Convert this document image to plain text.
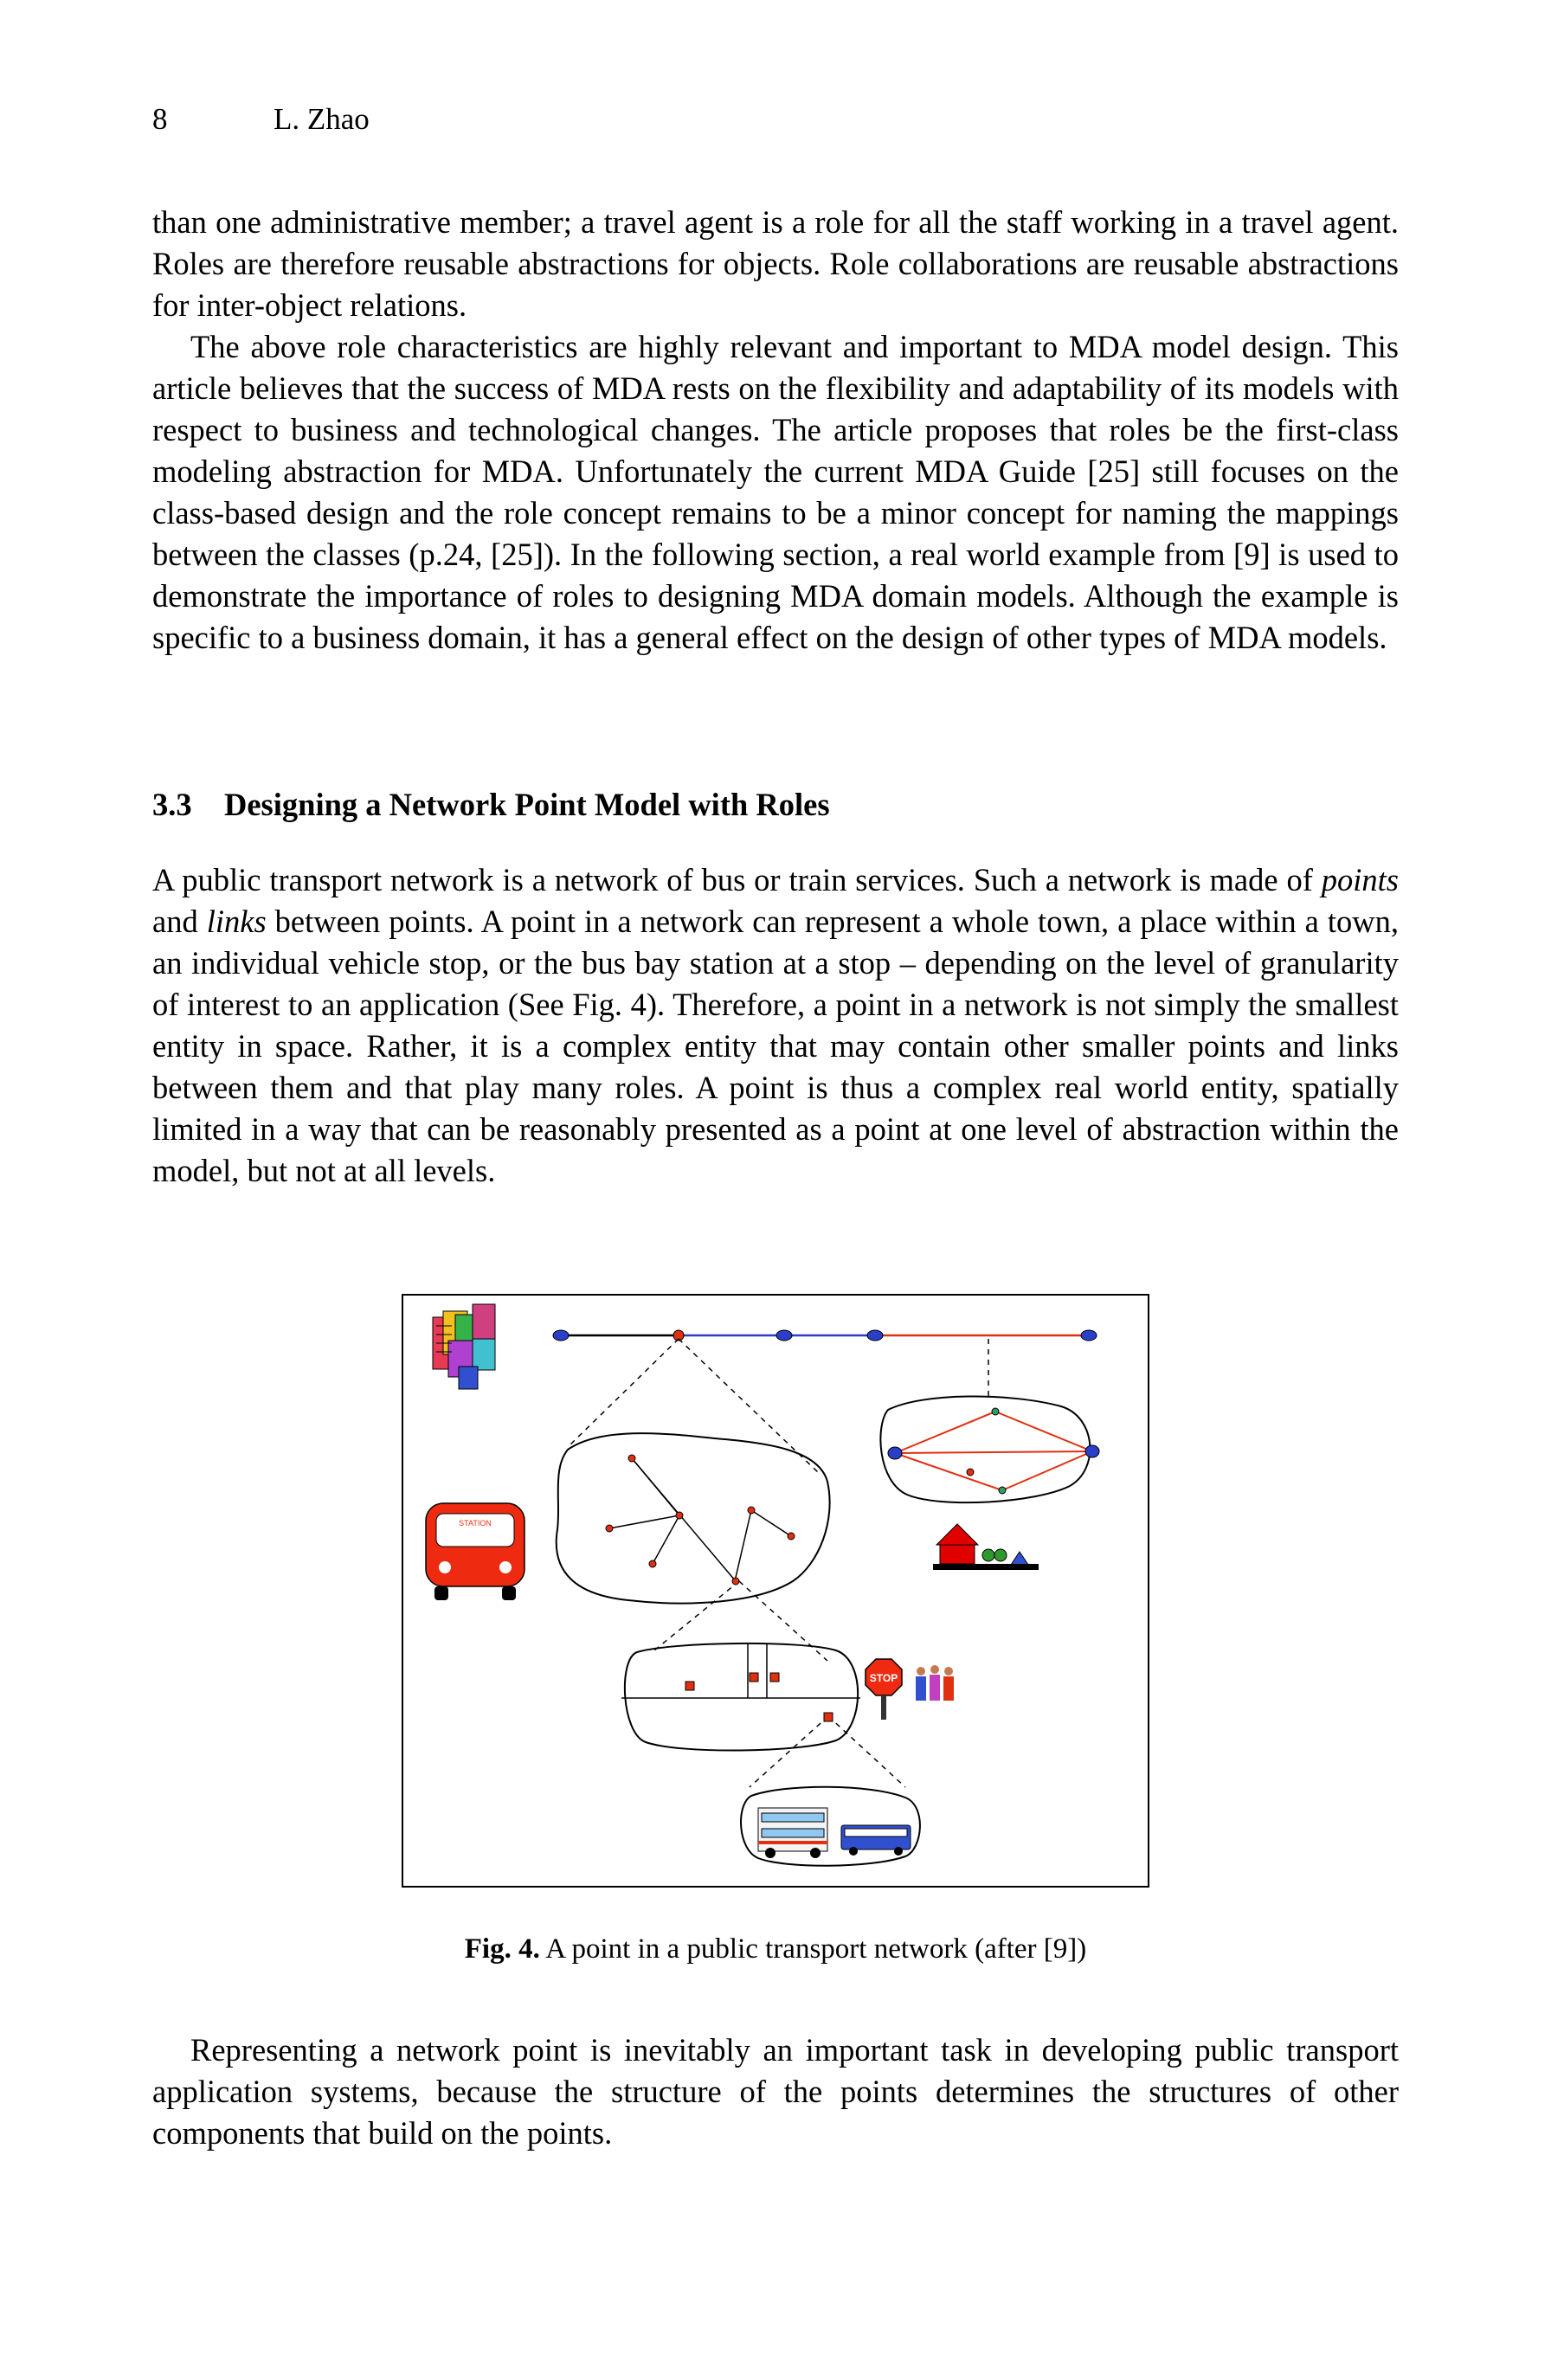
8	L. Zhao

than one administrative member; a travel agent is a role for all the staff working in a travel agent. Roles are therefore reusable abstractions for objects. Role collaborations are reusable abstractions for inter-object relations.

The above role characteristics are highly relevant and important to MDA model design. This article believes that the success of MDA rests on the flexibility and adaptability of its models with respect to business and technological changes. The article proposes that roles be the first-class modeling abstraction for MDA. Unfortunately the current MDA Guide [25] still focuses on the class-based design and the role concept remains to be a minor concept for naming the mappings between the classes (p.24, [25]). In the following section, a real world example from [9] is used to demonstrate the importance of roles to designing MDA domain models. Although the example is specific to a business domain, it has a general effect on the design of other types of MDA models.

3.3 Designing a Network Point Model with Roles

A public transport network is a network of bus or train services. Such a network is made of points and links between points. A point in a network can represent a whole town, a place within a town, an individual vehicle stop, or the bus bay station at a stop – depending on the level of granularity of interest to an application (See Fig. 4). Therefore, a point in a network is not simply the smallest entity in space. Rather, it is a complex entity that may contain other smaller points and links between them and that play many roles. A point is thus a complex real world entity, spatially limited in a way that can be reasonably presented as a point at one level of abstraction within the model, but not at all levels.

STATION
STOP
Fig. 4. A point in a public transport network (after [9])

Representing a network point is inevitably an important task in developing public transport application systems, because the structure of the points determines the structures of other components that build on the points.
